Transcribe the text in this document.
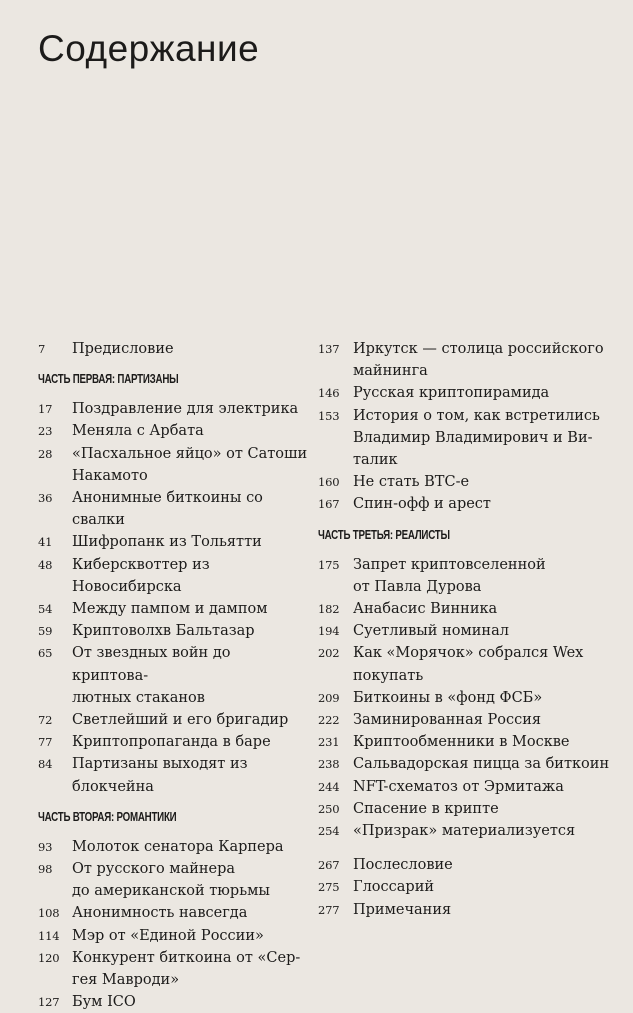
Содержание
7	Предисловие
ЧАСТЬ ПЕРВАЯ: ПАРТИЗАНЫ
17	Поздравление для электрика
23	Меняла с Арбата
28	«Пасхальное яйцо» от Сатоши
Накамото
36	Анонимные биткоины со свалки
41	Шифропанк из Тольятти
48	Киберсквоттер из Новосибирска
54	Между пампом и дампом
59	Криптоволхв Бальтазар
65	От звездных войн до криптова-
лютных стаканов
72	Светлейший и его бригадир
77	Криптопропаганда в баре
84	Партизаны выходят из блокчейна
ЧАСТЬ ВТОРАЯ: РОМАНТИКИ
93	Молоток сенатора Карпера
98	От русского майнера
до американской тюрьмы
108 Анонимность навсегда
114 Мэр от «Единой России»
120 Конкурент биткоина от «Сер-
гея Мавроди»
127 Бум ICO
137 Иркутск — столица российского
майнинга
146 Русская криптопирамида
153 История о том, как встретились
Владимир Владимирович и Ви-
талик
160 Не стать BTC-e
167 Спин-офф и арест
ЧАСТЬ ТРЕТЬЯ: РЕАЛИСТЫ
175 Запрет криптовселенной
от Павла Дурова
182 Анабасис Винника
194 Суетливый номинал
202 Как «Морячок» собрался Wex
покупать
209 Биткоины в «фонд ФСБ»
222 Заминированная Россия
231 Криптообменники в Москве
238 Сальвадорская пицца за биткоин
244 NFT-схематоз от Эрмитажа
250 Спасение в крипте
254 «Призрак» материализуется
267 Послесловие
275 Глоссарий
277 Примечания
